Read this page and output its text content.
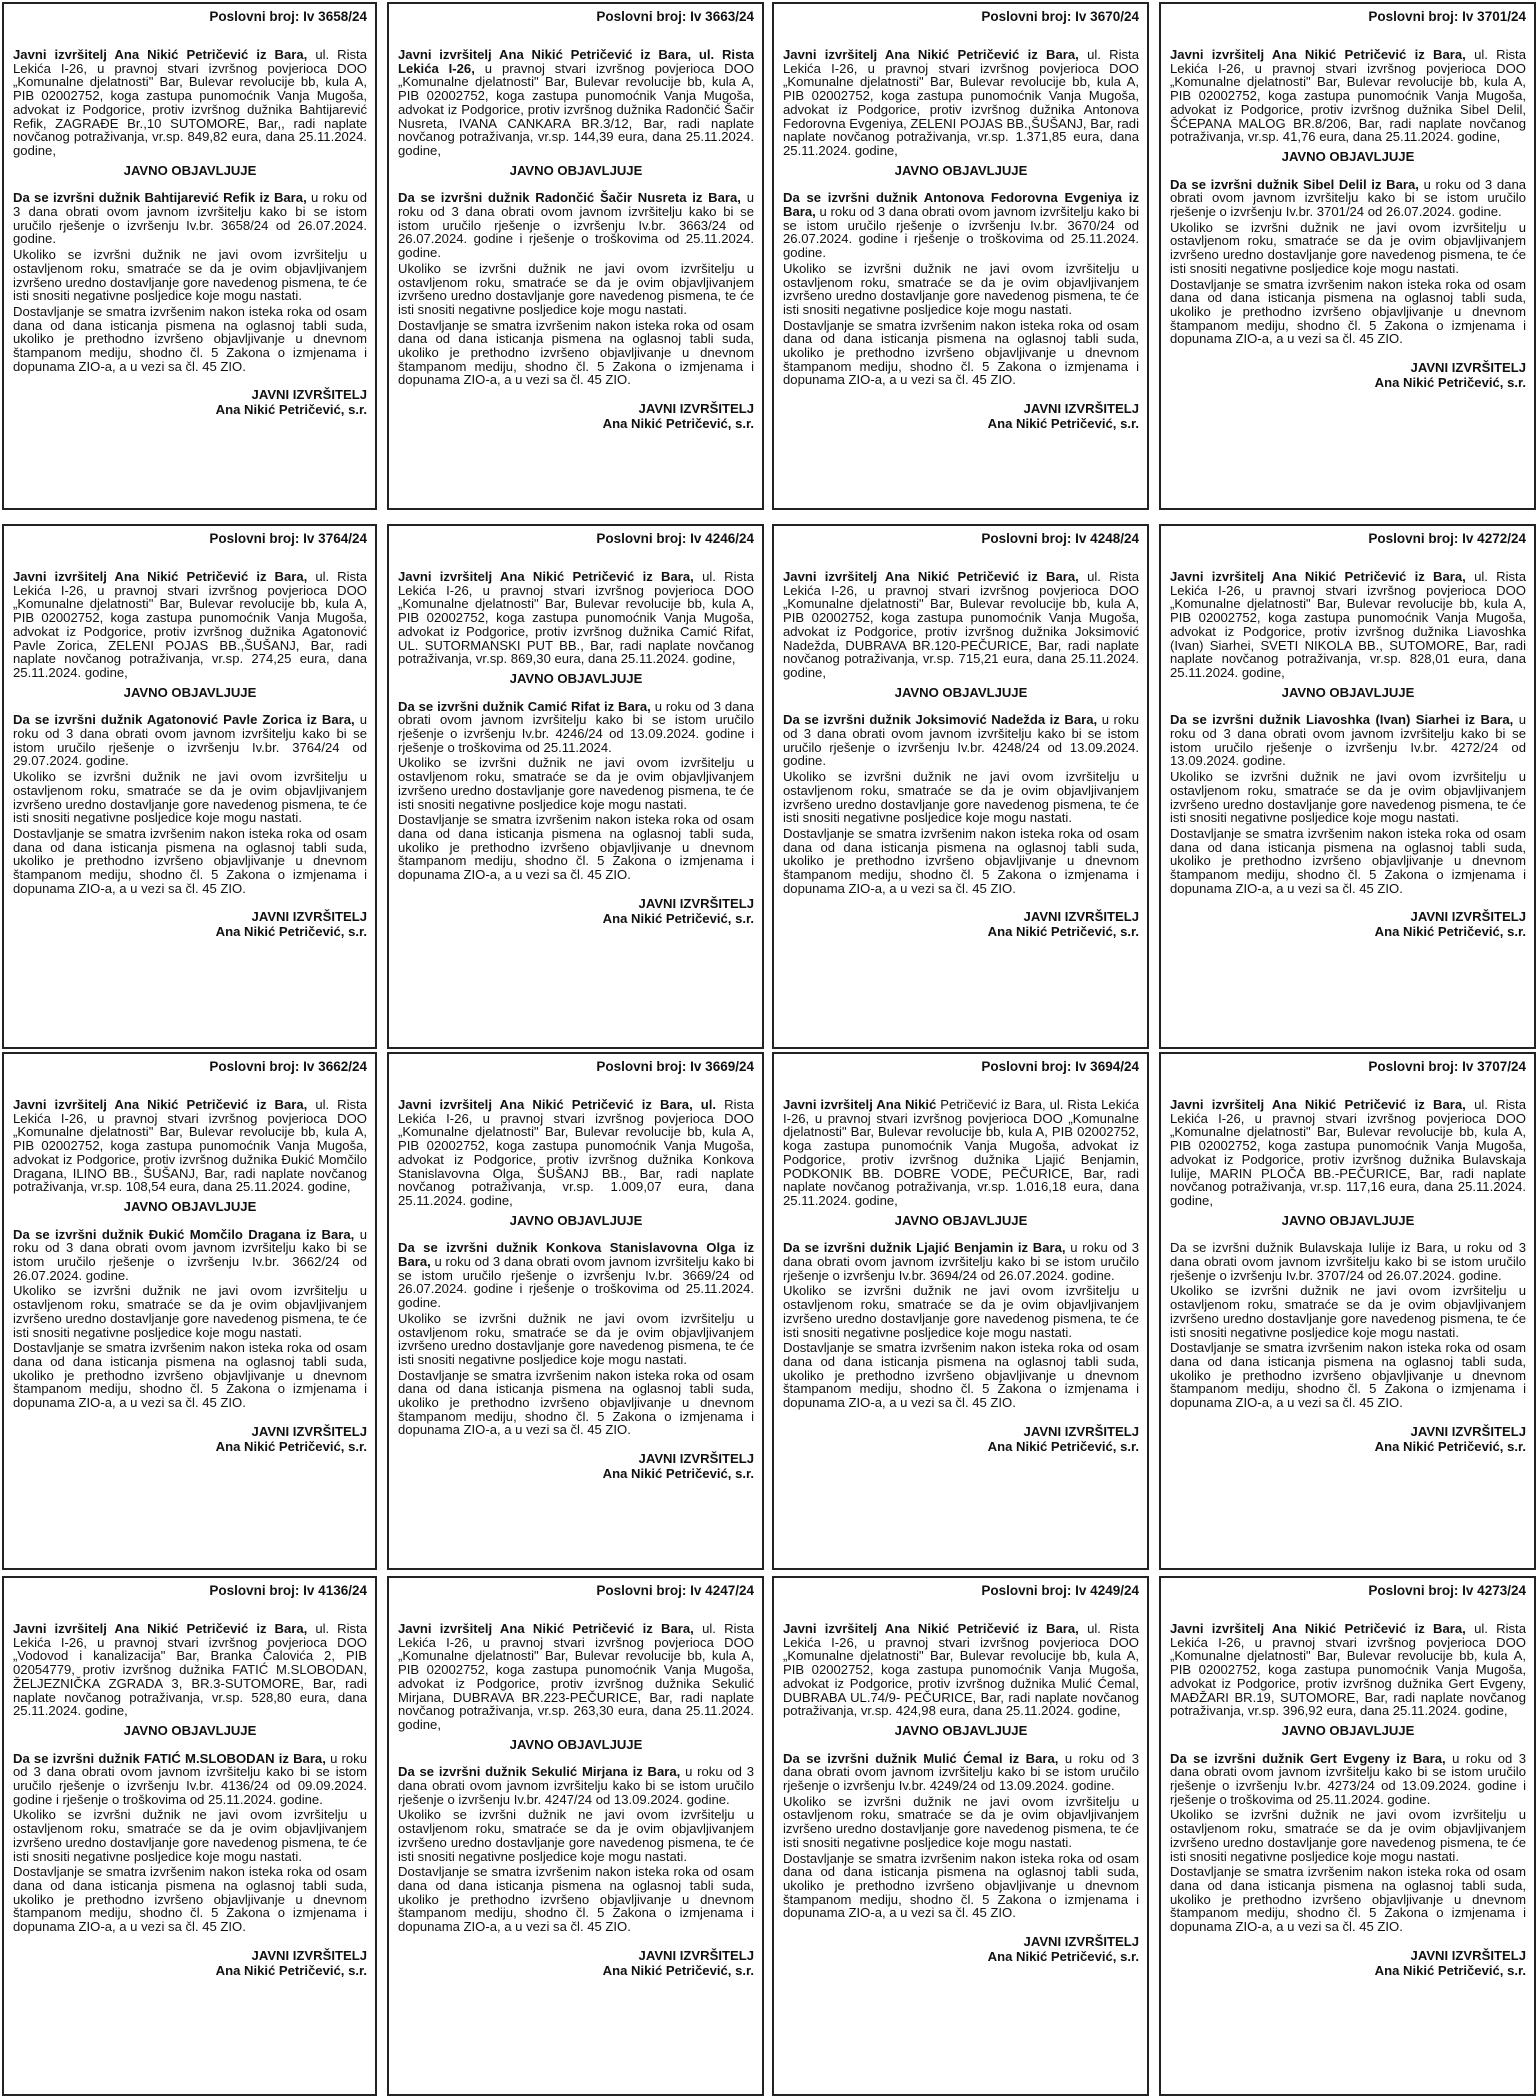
Poslovni broj: Iv 3658/24

Javni izvršitelj Ana Nikić Petričević iz Bara, ul. Rista Lekića I-26, u pravnoj stvari izvršnog povjerioca DOO „Komunalne djelatnosti" Bar, Bulevar revolucije bb, kula A, PIB 02002752, koga zastupa punomoćnik Vanja Mugoša, advokat iz Podgorice, protiv izvršnog dužnika Bahtijarević Refik, ZAGRAĐE Br.,10 SUTOMORE, Bar,, radi naplate novčanog potraživanja, vr.sp. 849,82 eura, dana 25.11.2024. godine,

JAVNO OBJAVLJUJE

Da se izvršni dužnik Bahtijarević Refik iz Bara, u roku od 3 dana obrati ovom javnom izvršitelju kako bi se istom uručilo rješenje o izvršenju Iv.br. 3658/24 od 26.07.2024. godine.

Ukoliko se izvršni dužnik ne javi ovom izvršitelju u ostavljenom roku, smatraće se da je ovim objavljivanjem izvršeno uredno dostavljanje gore navedenog pismena, te će isti snositi negativne posljedice koje mogu nastati.

Dostavljanje se smatra izvršenim nakon isteka roka od osam dana od dana isticanja pismena na oglasnoj tabli suda, ukoliko je prethodno izvršeno objavljivanje u dnevnom štampanom mediju, shodno čl. 5 Zakona o izmjenama i dopunama ZIO-a, a u vezi sa čl. 45 ZIO.

JAVNI IZVRŠITELJ
Ana Nikić Petričević, s.r.
Poslovni broj: Iv 3663/24

Javni izvršitelj Ana Nikić Petričević iz Bara, ul. Rista Lekića I-26, u pravnoj stvari izvršnog povjerioca DOO „Komunalne djelatnosti" Bar, Bulevar revolucije bb, kula A, PIB 02002752, koga zastupa punomoćnik Vanja Mugoša, advokat iz Podgorice, protiv izvršnog dužnika Radončić Šačir Nusreta, IVANA CANKARA BR.3/12, Bar, radi naplate novčanog potraživanja, vr.sp. 144,39 eura, dana 25.11.2024. godine,

JAVNO OBJAVLJUJE

Da se izvršni dužnik Radončić Šačir Nusreta iz Bara, u roku od 3 dana obrati ovom javnom izvršitelju kako bi se istom uručilo rješenje o izvršenju Iv.br. 3663/24 od 26.07.2024. godine i rješenje o troškovima od 25.11.2024. godine.

Ukoliko se izvršni dužnik ne javi ovom izvršitelju u ostavljenom roku, smatraće se da je ovim objavljivanjem izvršeno uredno dostavljanje gore navedenog pismena, te će isti snositi negativne posljedice koje mogu nastati.

Dostavljanje se smatra izvršenim nakon isteka roka od osam dana od dana isticanja pismena na oglasnoj tabli suda, ukoliko je prethodno izvršeno objavljivanje u dnevnom štampanom mediju, shodno čl. 5 Zakona o izmjenama i dopunama ZIO-a, a u vezi sa čl. 45 ZIO.

JAVNI IZVRŠITELJ
Ana Nikić Petričević, s.r.
Poslovni broj: Iv 3670/24

Javni izvršitelj Ana Nikić Petričević iz Bara, ul. Rista Lekića I-26, u pravnoj stvari izvršnog povjerioca DOO „Komunalne djelatnosti" Bar, Bulevar revolucije bb, kula A, PIB 02002752, koga zastupa punomoćnik Vanja Mugoša, advokat iz Podgorice, protiv izvršnog dužnika Antonova Fedorovna Evgeniya, ZELENI POJAS BB.,ŠUŠANJ, Bar, radi naplate novčanog potraživanja, vr.sp. 1.371,85 eura, dana 25.11.2024. godine,

JAVNO OBJAVLJUJE

Da se izvršni dužnik Antonova Fedorovna Evgeniya iz Bara, u roku od 3 dana obrati ovom javnom izvršitelju kako bi se istom uručilo rješenje o izvršenju Iv.br. 3670/24 od 26.07.2024. godine i rješenje o troškovima od 25.11.2024. godine.

Ukoliko se izvršni dužnik ne javi ovom izvršitelju u ostavljenom roku, smatraće se da je ovim objavljivanjem izvršeno uredno dostavljanje gore navedenog pismena, te će isti snositi negativne posljedice koje mogu nastati.

Dostavljanje se smatra izvršenim nakon isteka roka od osam dana od dana isticanja pismena na oglasnoj tabli suda, ukoliko je prethodno izvršeno objavljivanje u dnevnom štampanom mediju, shodno čl. 5 Zakona o izmjenama i dopunama ZIO-a, a u vezi sa čl. 45 ZIO.

JAVNI IZVRŠITELJ
Ana Nikić Petričević, s.r.
Poslovni broj: Iv 3701/24

Javni izvršitelj Ana Nikić Petričević iz Bara, ul. Rista Lekića I-26, u pravnoj stvari izvršnog povjerioca DOO „Komunalne djelatnosti" Bar, Bulevar revolucije bb, kula A, PIB 02002752, koga zastupa punomoćnik Vanja Mugoša, advokat iz Podgorice, protiv izvršnog dužnika Sibel Delil, ŠĆEPANA MALOG BR.8/206, Bar, radi naplate novčanog potraživanja, vr.sp. 41,76 eura, dana 25.11.2024. godine,

JAVNO OBJAVLJUJE

Da se izvršni dužnik Sibel Delil iz Bara, u roku od 3 dana obrati ovom javnom izvršitelju kako bi se istom uručilo rješenje o izvršenju Iv.br. 3701/24 od 26.07.2024. godine.

Ukoliko se izvršni dužnik ne javi ovom izvršitelju u ostavljenom roku, smatraće se da je ovim objavljivanjem izvršeno uredno dostavljanje gore navedenog pismena, te će isti snositi negativne posljedice koje mogu nastati.

Dostavljanje se smatra izvršenim nakon isteka roka od osam dana od dana isticanja pismena na oglasnoj tabli suda, ukoliko je prethodno izvršeno objavljivanje u dnevnom štampanom mediju, shodno čl. 5 Zakona o izmjenama i dopunama ZIO-a, a u vezi sa čl. 45 ZIO.

JAVNI IZVRŠITELJ
Ana Nikić Petričević, s.r.
Poslovni broj: Iv 3764/24

Javni izvršitelj Ana Nikić Petričević iz Bara, ul. Rista Lekića I-26, u pravnoj stvari izvršnog povjerioca DOO „Komunalne djelatnosti" Bar, Bulevar revolucije bb, kula A, PIB 02002752, koga zastupa punomoćnik Vanja Mugoša, advokat iz Podgorice, protiv izvršnog dužnika Agatonović Pavle Zorica, ZELENI POJAS BB.,ŠUŠANJ, Bar, radi naplate novčanog potraživanja, vr.sp. 274,25 eura, dana 25.11.2024. godine,

JAVNO OBJAVLJUJE

Da se izvršni dužnik Agatonović Pavle Zorica iz Bara, u roku od 3 dana obrati ovom javnom izvršitelju kako bi se istom uručilo rješenje o izvršenju Iv.br. 3764/24 od 29.07.2024. godine.

Ukoliko se izvršni dužnik ne javi ovom izvršitelju u ostavljenom roku, smatraće se da je ovim objavljivanjem izvršeno uredno dostavljanje gore navedenog pismena, te će isti snositi negativne posljedice koje mogu nastati.

Dostavljanje se smatra izvršenim nakon isteka roka od osam dana od dana isticanja pismena na oglasnoj tabli suda, ukoliko je prethodno izvršeno objavljivanje u dnevnom štampanom mediju, shodno čl. 5 Zakona o izmjenama i dopunama ZIO-a, a u vezi sa čl. 45 ZIO.

JAVNI IZVRŠITELJ
Ana Nikić Petričević, s.r.
Poslovni broj: Iv 4246/24

Javni izvršitelj Ana Nikić Petričević iz Bara, ul. Rista Lekića I-26, u pravnoj stvari izvršnog povjerioca DOO „Komunalne djelatnosti" Bar, Bulevar revolucije bb, kula A, PIB 02002752, koga zastupa punomoćnik Vanja Mugoša, advokat iz Podgorice, protiv izvršnog dužnika Camić Rifat, UL. SUTORMANSKI PUT BB., Bar, radi naplate novčanog potraživanja, vr.sp. 869,30 eura, dana 25.11.2024. godine,

JAVNO OBJAVLJUJE

Da se izvršni dužnik Camić Rifat iz Bara, u roku od 3 dana obrati ovom javnom izvršitelju kako bi se istom uručilo rješenje o izvršenju Iv.br. 4246/24 od 13.09.2024. godine i rješenje o troškovima od 25.11.2024.

Ukoliko se izvršni dužnik ne javi ovom izvršitelju u ostavljenom roku, smatraće se da je ovim objavljivanjem izvršeno uredno dostavljanje gore navedenog pismena, te će isti snositi negativne posljedice koje mogu nastati.

Dostavljanje se smatra izvršenim nakon isteka roka od osam dana od dana isticanja pismena na oglasnoj tabli suda, ukoliko je prethodno izvršeno objavljivanje u dnevnom štampanom mediju, shodno čl. 5 Zakona o izmjenama i dopunama ZIO-a, a u vezi sa čl. 45 ZIO.

JAVNI IZVRŠITELJ
Ana Nikić Petričević, s.r.
Poslovni broj: Iv 4248/24

Javni izvršitelj Ana Nikić Petričević iz Bara, ul. Rista Lekića I-26, u pravnoj stvari izvršnog povjerioca DOO „Komunalne djelatnosti" Bar, Bulevar revolucije bb, kula A, PIB 02002752, koga zastupa punomoćnik Vanja Mugoša, advokat iz Podgorice, protiv izvršnog dužnika Joksimović Nadežda, DUBRAVA BR.120-PEČURICE, Bar, radi naplate novčanog potraživanja, vr.sp. 715,21 eura, dana 25.11.2024. godine,

JAVNO OBJAVLJUJE

Da se izvršni dužnik Joksimović Nadežda iz Bara, u roku od 3 dana obrati ovom javnom izvršitelju kako bi se istom uručilo rješenje o izvršenju Iv.br. 4248/24 od 13.09.2024. godine.

Ukoliko se izvršni dužnik ne javi ovom izvršitelju u ostavljenom roku, smatraće se da je ovim objavljivanjem izvršeno uredno dostavljanje gore navedenog pismena, te će isti snositi negativne posljedice koje mogu nastati.

Dostavljanje se smatra izvršenim nakon isteka roka od osam dana od dana isticanja pismena na oglasnoj tabli suda, ukoliko je prethodno izvršeno objavljivanje u dnevnom štampanom mediju, shodno čl. 5 Zakona o izmjenama i dopunama ZIO-a, a u vezi sa čl. 45 ZIO.

JAVNI IZVRŠITELJ
Ana Nikić Petričević, s.r.
Poslovni broj: Iv 4272/24

Javni izvršitelj Ana Nikić Petričević iz Bara, ul. Rista Lekića I-26, u pravnoj stvari izvršnog povjerioca DOO „Komunalne djelatnosti" Bar, Bulevar revolucije bb, kula A, PIB 02002752, koga zastupa punomoćnik Vanja Mugoša, advokat iz Podgorice, protiv izvršnog dužnika Liavoshka (Ivan) Siarhei, SVETI NIKOLA BB., SUTOMORE, Bar, radi naplate novčanog potraživanja, vr.sp. 828,01 eura, dana 25.11.2024. godine,

JAVNO OBJAVLJUJE

Da se izvršni dužnik Liavoshka (Ivan) Siarhei iz Bara, u roku od 3 dana obrati ovom javnom izvršitelju kako bi se istom uručilo rješenje o izvršenju Iv.br. 4272/24 od 13.09.2024. godine.

Ukoliko se izvršni dužnik ne javi ovom izvršitelju u ostavljenom roku, smatraće se da je ovim objavljivanjem izvršeno uredno dostavljanje gore navedenog pismena, te će isti snositi negativne posljedice koje mogu nastati.

Dostavljanje se smatra izvršenim nakon isteka roka od osam dana od dana isticanja pismena na oglasnoj tabli suda, ukoliko je prethodno izvršeno objavljivanje u dnevnom štampanom mediju, shodno čl. 5 Zakona o izmjenama i dopunama ZIO-a, a u vezi sa čl. 45 ZIO.

JAVNI IZVRŠITELJ
Ana Nikić Petričević, s.r.
Poslovni broj: Iv 3662/24

Javni izvršitelj Ana Nikić Petričević iz Bara, ul. Rista Lekića I-26, u pravnoj stvari izvršnog povjerioca DOO „Komunalne djelatnosti" Bar, Bulevar revolucije bb, kula A, PIB 02002752, koga zastupa punomoćnik Vanja Mugoša, advokat iz Podgorice, protiv izvršnog dužnika Đukić Momčilo Dragana, ILINO BB., ŠUŠANJ, Bar, radi naplate novčanog potraživanja, vr.sp. 108,54 eura, dana 25.11.2024. godine,

JAVNO OBJAVLJUJE

Da se izvršni dužnik Đukić Momčilo Dragana iz Bara, u roku od 3 dana obrati ovom javnom izvršitelju kako bi se istom uručilo rješenje o izvršenju Iv.br. 3662/24 od 26.07.2024. godine.

Ukoliko se izvršni dužnik ne javi ovom izvršitelju u ostavljenom roku, smatraće se da je ovim objavljivanjem izvršeno uredno dostavljanje gore navedenog pismena, te će isti snositi negativne posljedice koje mogu nastati.

Dostavljanje se smatra izvršenim nakon isteka roka od osam dana od dana isticanja pismena na oglasnoj tabli suda, ukoliko je prethodno izvršeno objavljivanje u dnevnom štampanom mediju, shodno čl. 5 Zakona o izmjenama i dopunama ZIO-a, a u vezi sa čl. 45 ZIO.

JAVNI IZVRŠITELJ
Ana Nikić Petričević, s.r.
Poslovni broj: Iv 3669/24

Javni izvršitelj Ana Nikić Petričević iz Bara, ul. Rista Lekića I-26, u pravnoj stvari izvršnog povjerioca DOO „Komunalne djelatnosti" Bar, Bulevar revolucije bb, kula A, PIB 02002752, koga zastupa punomoćnik Vanja Mugoša, advokat iz Podgorice, protiv izvršnog dužnika Konkova Stanislavovna Olga, ŠUŠANJ BB., Bar, radi naplate novčanog potraživanja, vr.sp. 1.009,07 eura, dana 25.11.2024. godine,

JAVNO OBJAVLJUJE

Da se izvršni dužnik Konkova Stanislavovna Olga iz Bara, u roku od 3 dana obrati ovom javnom izvršitelju kako bi se istom uručilo rješenje o izvršenju Iv.br. 3669/24 od 26.07.2024. godine i rješenje o troškovima od 25.11.2024. godine.

Ukoliko se izvršni dužnik ne javi ovom izvršitelju u ostavljenom roku, smatraće se da je ovim objavljivanjem izvršeno uredno dostavljanje gore navedenog pismena, te će isti snositi negativne posljedice koje mogu nastati.

Dostavljanje se smatra izvršenim nakon isteka roka od osam dana od dana isticanja pismena na oglasnoj tabli suda, ukoliko je prethodno izvršeno objavljivanje u dnevnom štampanom mediju, shodno čl. 5 Zakona o izmjenama i dopunama ZIO-a, a u vezi sa čl. 45 ZIO.

JAVNI IZVRŠITELJ
Ana Nikić Petričević, s.r.
Poslovni broj: Iv 3694/24

Javni izvršitelj Ana Nikić Petričević iz Bara, ul. Rista Lekića I-26, u pravnoj stvari izvršnog povjerioca DOO „Komunalne djelatnosti" Bar, Bulevar revolucije bb, kula A, PIB 02002752, koga zastupa punomoćnik Vanja Mugoša, advokat iz Podgorice, protiv izvršnog dužnika Ljajić Benjamin, PODKONIK BB. DOBRE VODE, PEČURICE, Bar, radi naplate novčanog potraživanja, vr.sp. 1.016,18 eura, dana 25.11.2024. godine,

JAVNO OBJAVLJUJE

Da se izvršni dužnik Ljajić Benjamin iz Bara, u roku od 3 dana obrati ovom javnom izvršitelju kako bi se istom uručilo rješenje o izvršenju Iv.br. 3694/24 od 26.07.2024. godine.

Ukoliko se izvršni dužnik ne javi ovom izvršitelju u ostavljenom roku, smatraće se da je ovim objavljivanjem izvršeno uredno dostavljanje gore navedenog pismena, te će isti snositi negativne posljedice koje mogu nastati.

Dostavljanje se smatra izvršenim nakon isteka roka od osam dana od dana isticanja pismena na oglasnoj tabli suda, ukoliko je prethodno izvršeno objavljivanje u dnevnom štampanom mediju, shodno čl. 5 Zakona o izmjenama i dopunama ZIO-a, a u vezi sa čl. 45 ZIO.

JAVNI IZVRŠITELJ
Ana Nikić Petričević, s.r.
Poslovni broj: Iv 3707/24

Javni izvršitelj Ana Nikić Petričević iz Bara, ul. Rista Lekića I-26, u pravnoj stvari izvršnog povjerioca DOO „Komunalne djelatnosti" Bar, Bulevar revolucije bb, kula A, PIB 02002752, koga zastupa punomoćnik Vanja Mugoša, advokat iz Podgorice, protiv izvršnog dužnika Bulavskaja Iulije, MARIN PLOČA BB.-PEČURICE, Bar, radi naplate novčanog potraživanja, vr.sp. 117,16 eura, dana 25.11.2024. godine,

JAVNO OBJAVLJUJE

Da se izvršni dužnik Bulavskaja Iulije iz Bara, u roku od 3 dana obrati ovom javnom izvršitelju kako bi se istom uručilo rješenje o izvršenju Iv.br. 3707/24 od 26.07.2024. godine.

Ukoliko se izvršni dužnik ne javi ovom izvršitelju u ostavljenom roku, smatraće se da je ovim objavljivanjem izvršeno uredno dostavljanje gore navedenog pismena, te će isti snositi negativne posljedice koje mogu nastati.

Dostavljanje se smatra izvršenim nakon isteka roka od osam dana od dana isticanja pismena na oglasnoj tabli suda, ukoliko je prethodno izvršeno objavljivanje u dnevnom štampanom mediju, shodno čl. 5 Zakona o izmjenama i dopunama ZIO-a, a u vezi sa čl. 45 ZIO.

JAVNI IZVRŠITELJ
Ana Nikić Petričević, s.r.
Poslovni broj: Iv 4136/24

Javni izvršitelj Ana Nikić Petričević iz Bara, ul. Rista Lekića I-26, u pravnoj stvari izvršnog povjerioca DOO „Vodovod i kanalizacija" Bar, Branka Čalovića 2, PIB 02054779, protiv izvršnog dužnika FATIĆ M.SLOBODAN, ŽELJEZNIČKA ZGRADA 3, BR.3-SUTOMORE, Bar, radi naplate novčanog potraživanja, vr.sp. 528,80 eura, dana 25.11.2024. godine,

JAVNO OBJAVLJUJE

Da se izvršni dužnik FATIĆ M.SLOBODAN iz Bara, u roku od 3 dana obrati ovom javnom izvršitelju kako bi se istom uručilo rješenje o izvršenju Iv.br. 4136/24 od 09.09.2024. godine i rješenje o troškovima od 25.11.2024. godine.

Ukoliko se izvršni dužnik ne javi ovom izvršitelju u ostavljenom roku, smatraće se da je ovim objavljivanjem izvršeno uredno dostavljanje gore navedenog pismena, te će isti snositi negativne posljedice koje mogu nastati.

Dostavljanje se smatra izvršenim nakon isteka roka od osam dana od dana isticanja pismena na oglasnoj tabli suda, ukoliko je prethodno izvršeno objavljivanje u dnevnom štampanom mediju, shodno čl. 5 Zakona o izmjenama i dopunama ZIO-a, a u vezi sa čl. 45 ZIO.

JAVNI IZVRŠITELJ
Ana Nikić Petričević, s.r.
Poslovni broj: Iv 4247/24

Javni izvršitelj Ana Nikić Petričević iz Bara, ul. Rista Lekića I-26, u pravnoj stvari izvršnog povjerioca DOO „Komunalne djelatnosti" Bar, Bulevar revolucije bb, kula A, PIB 02002752, koga zastupa punomoćnik Vanja Mugoša, advokat iz Podgorice, protiv izvršnog dužnika Sekulić Mirjana, DUBRAVA BR.223-PEČURICE, Bar, radi naplate novčanog potraživanja, vr.sp. 263,30 eura, dana 25.11.2024. godine,

JAVNO OBJAVLJUJE

Da se izvršni dužnik Sekulić Mirjana iz Bara, u roku od 3 dana obrati ovom javnom izvršitelju kako bi se istom uručilo rješenje o izvršenju Iv.br. 4247/24 od 13.09.2024. godine.

Ukoliko se izvršni dužnik ne javi ovom izvršitelju u ostavljenom roku, smatraće se da je ovim objavljivanjem izvršeno uredno dostavljanje gore navedenog pismena, te će isti snositi negativne posljedice koje mogu nastati.

Dostavljanje se smatra izvršenim nakon isteka roka od osam dana od dana isticanja pismena na oglasnoj tabli suda, ukoliko je prethodno izvršeno objavljivanje u dnevnom štampanom mediju, shodno čl. 5 Zakona o izmjenama i dopunama ZIO-a, a u vezi sa čl. 45 ZIO.

JAVNI IZVRŠITELJ
Ana Nikić Petričević, s.r.
Poslovni broj: Iv 4249/24

Javni izvršitelj Ana Nikić Petričević iz Bara, ul. Rista Lekića I-26, u pravnoj stvari izvršnog povjerioca DOO „Komunalne djelatnosti" Bar, Bulevar revolucije bb, kula A, PIB 02002752, koga zastupa punomoćnik Vanja Mugoša, advokat iz Podgorice, protiv izvršnog dužnika Mulić Ćemal, DUBRABA UL.74/9- PEČURICE, Bar, radi naplate novčanog potraživanja, vr.sp. 424,98 eura, dana 25.11.2024. godine,

JAVNO OBJAVLJUJE

Da se izvršni dužnik Mulić Ćemal iz Bara, u roku od 3 dana obrati ovom javnom izvršitelju kako bi se istom uručilo rješenje o izvršenju Iv.br. 4249/24 od 13.09.2024. godine.

Ukoliko se izvršni dužnik ne javi ovom izvršitelju u ostavljenom roku, smatraće se da je ovim objavljivanjem izvršeno uredno dostavljanje gore navedenog pismena, te će isti snositi negativne posljedice koje mogu nastati.

Dostavljanje se smatra izvršenim nakon isteka roka od osam dana od dana isticanja pismena na oglasnoj tabli suda, ukoliko je prethodno izvršeno objavljivanje u dnevnom štampanom mediju, shodno čl. 5 Zakona o izmjenama i dopunama ZIO-a, a u vezi sa čl. 45 ZIO.

JAVNI IZVRŠITELJ
Ana Nikić Petričević, s.r.
Poslovni broj: Iv 4273/24

Javni izvršitelj Ana Nikić Petričević iz Bara, ul. Rista Lekića I-26, u pravnoj stvari izvršnog povjerioca DOO „Komunalne djelatnosti" Bar, Bulevar revolucije bb, kula A, PIB 02002752, koga zastupa punomoćnik Vanja Mugoša, advokat iz Podgorice, protiv izvršnog dužnika Gert Evgeny, MAĐŽARI BR.19, SUTOMORE, Bar, radi naplate novčanog potraživanja, vr.sp. 396,92 eura, dana 25.11.2024. godine,

JAVNO OBJAVLJUJE

Da se izvršni dužnik Gert Evgeny iz Bara, u roku od 3 dana obrati ovom javnom izvršitelju kako bi se istom uručilo rješenje o izvršenju Iv.br. 4273/24 od 13.09.2024. godine i rješenje o troškovima od 25.11.2024. godine.

Ukoliko se izvršni dužnik ne javi ovom izvršitelju u ostavljenom roku, smatraće se da je ovim objavljivanjem izvršeno uredno dostavljanje gore navedenog pismena, te će isti snositi negativne posljedice koje mogu nastati.

Dostavljanje se smatra izvršenim nakon isteka roka od osam dana od dana isticanja pismena na oglasnoj tabli suda, ukoliko je prethodno izvršeno objavljivanje u dnevnom štampanom mediju, shodno čl. 5 Zakona o izmjenama i dopunama ZIO-a, a u vezi sa čl. 45 ZIO.

JAVNI IZVRŠITELJ
Ana Nikić Petričević, s.r.
